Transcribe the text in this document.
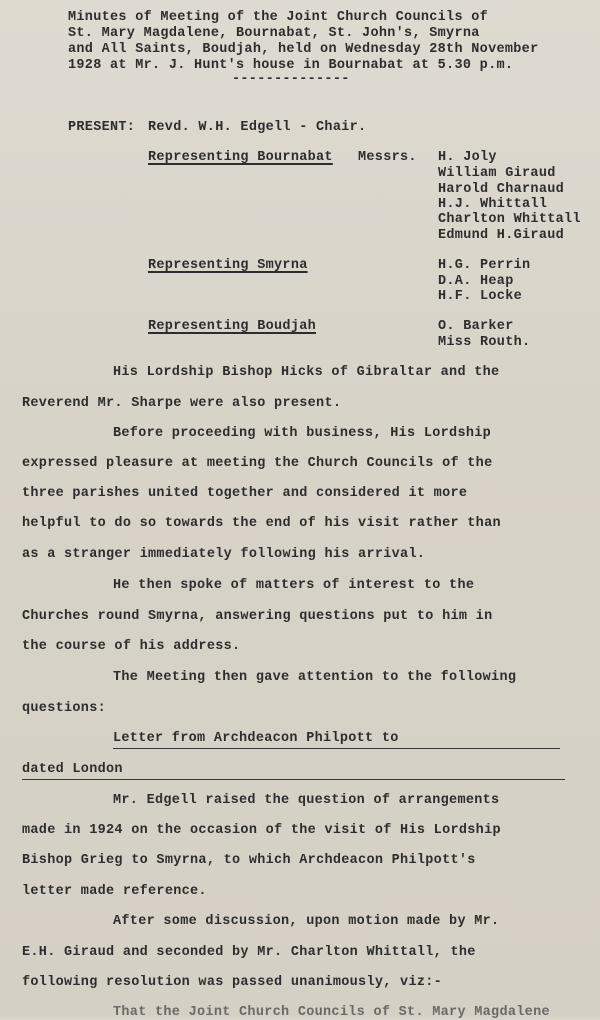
Minutes of Meeting of the Joint Church Councils of
St. Mary Magdalene, Bournabat, St. John's, Smyrna
and All Saints, Boudjah, held on Wednesday 28th November
1928 at Mr. J. Hunt's house in Bournabat at 5.30 p.m.
--------------
PRESENT: Revd. W.H. Edgell - Chair.
Representing Bournabat Messrs. H. Joly
William Giraud
Harold Charnaud
H.J. Whittall
Charlton Whittall
Edmund H.Giraud
Representing Smyrna	H.G. Perrin
D.A. Heap
H.F. Locke
Representing Boudjah	O. Barker
Miss Routh.
His Lordship Bishop Hicks of Gibraltar and the
Reverend Mr. Sharpe were also present.
Before proceeding with business, His Lordship
expressed pleasure at meeting the Church Councils of the
three parishes united together and considered it more
helpful to do so towards the end of his visit rather than
as a stranger immediately following his arrival.
He then spoke of matters of interest to the
Churches round Smyrna, answering questions put to him in
the course of his address.
The Meeting then gave attention to the following
questions:
Letter from Archdeacon Philpott to
dated London
Mr. Edgell raised the question of arrangements
made in 1924 on the occasion of the visit of His Lordship
Bishop Grieg to Smyrna, to which Archdeacon Philpott's
letter made reference.
After some discussion, upon motion made by Mr.
E.H. Giraud and seconded by Mr. Charlton Whittall, the
following resolution was passed unanimously, viz:-
That the Joint Church Councils of St. Mary Magdalene
